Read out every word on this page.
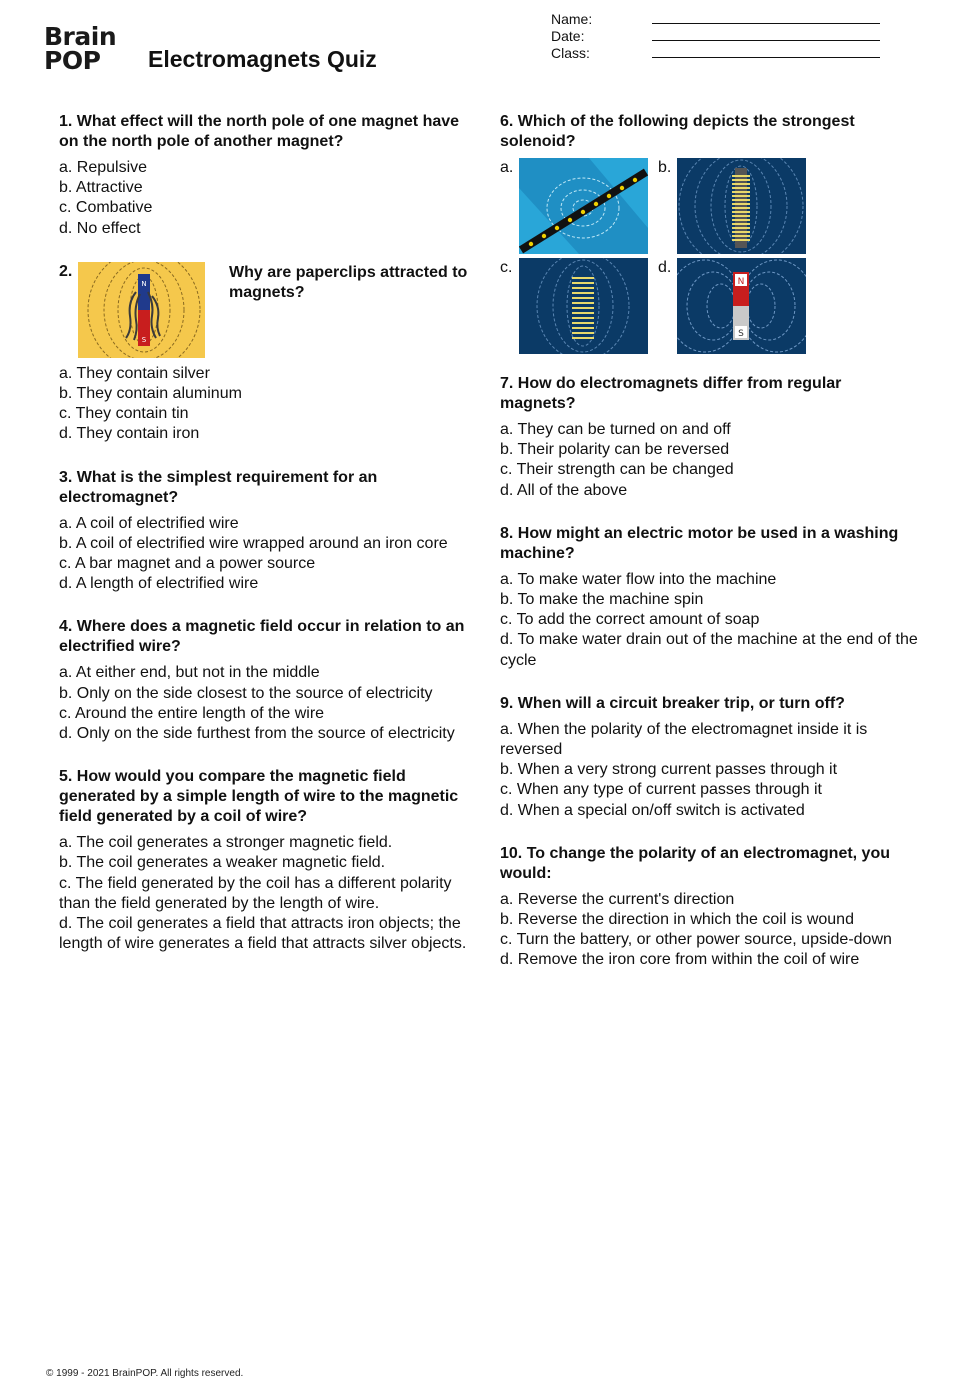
Brain
POP	Electromagnets Quiz
Name:
Date:
Class:
1. What effect will the north pole of one magnet have on the north pole of another magnet?
a. Repulsive
b. Attractive
c. Combative
d. No effect
2.
N
S
Why are paperclips attracted to magnets?
a. They contain silver
b. They contain aluminum
c. They contain tin
d. They contain iron
3. What is the simplest requirement for an electromagnet?
a. A coil of electrified wire
b. A coil of electrified wire wrapped around an iron core
c. A bar magnet and a power source
d. A length of electrified wire
4. Where does a magnetic field occur in relation to an electrified wire?
a. At either end, but not in the middle
b. Only on the side closest to the source of electricity
c. Around the entire length of the wire
d. Only on the side furthest from the source of electricity
5. How would you compare the magnetic field generated by a simple length of wire to the magnetic field generated by a coil of wire?
a. The coil generates a stronger magnetic field.
b. The coil generates a weaker magnetic field.
c. The field generated by the coil has a different polarity than the field generated by the length of wire.
d. The coil generates a field that attracts iron objects; the length of wire generates a field that attracts silver objects.
6. Which of the following depicts the strongest solenoid?
a.	b.
c.	d.
N
S
7. How do electromagnets differ from regular magnets?
a. They can be turned on and off
b. Their polarity can be reversed
c. Their strength can be changed
d. All of the above
8. How might an electric motor be used in a washing machine?
a. To make water flow into the machine
b. To make the machine spin
c. To add the correct amount of soap
d. To make water drain out of the machine at the end of the cycle
9. When will a circuit breaker trip, or turn off?
a. When the polarity of the electromagnet inside it is reversed
b. When a very strong current passes through it
c. When any type of current passes through it
d. When a special on/off switch is activated
10. To change the polarity of an electromagnet, you would:
a. Reverse the current's direction
b. Reverse the direction in which the coil is wound
c. Turn the battery, or other power source, upside-down
d. Remove the iron core from within the coil of wire
© 1999 - 2021 BrainPOP. All rights reserved.
